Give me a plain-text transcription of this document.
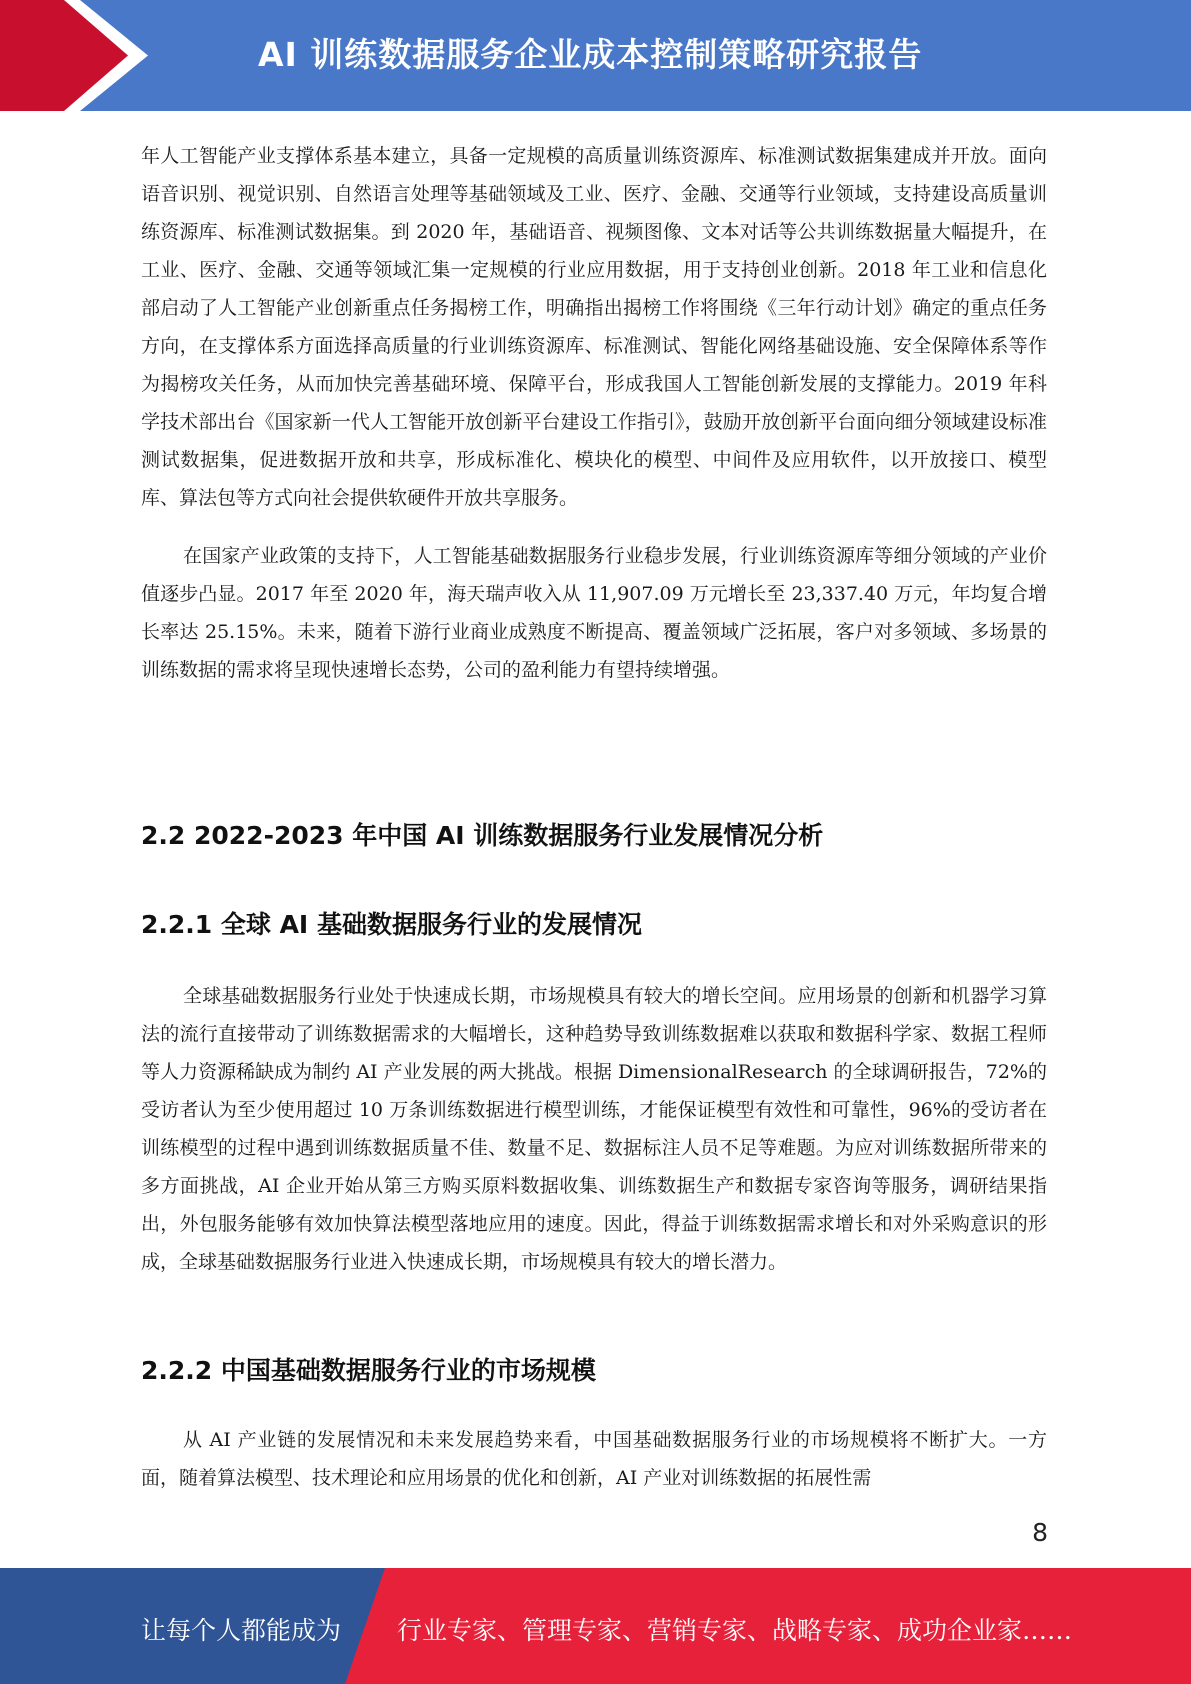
AI 训练数据服务企业成本控制策略研究报告

年人工智能产业支撑体系基本建立，具备一定规模的高质量训练资源库、标准测试数据集建成并开放。面向语音识别、视觉识别、自然语言处理等基础领域及工业、医疗、金融、交通等行业领域，支持建设高质量训练资源库、标准测试数据集。到 2020 年，基础语音、视频图像、文本对话等公共训练数据量大幅提升，在工业、医疗、金融、交通等领域汇集一定规模的行业应用数据，用于支持创业创新。2018 年工业和信息化部启动了人工智能产业创新重点任务揭榜工作，明确指出揭榜工作将围绕《三年行动计划》确定的重点任务方向，在支撑体系方面选择高质量的行业训练资源库、标准测试、智能化网络基础设施、安全保障体系等作为揭榜攻关任务，从而加快完善基础环境、保障平台，形成我国人工智能创新发展的支撑能力。2019 年科学技术部出台《国家新一代人工智能开放创新平台建设工作指引》，鼓励开放创新平台面向细分领域建设标准测试数据集，促进数据开放和共享，形成标准化、模块化的模型、中间件及应用软件，以开放接口、模型库、算法包等方式向社会提供软硬件开放共享服务。

在国家产业政策的支持下，人工智能基础数据服务行业稳步发展，行业训练资源库等细分领域的产业价值逐步凸显。2017 年至 2020 年，海天瑞声收入从 11,907.09 万元增长至 23,337.40 万元，年均复合增长率达 25.15%。未来，随着下游行业商业成熟度不断提高、覆盖领域广泛拓展，客户对多领域、多场景的训练数据的需求将呈现快速增长态势，公司的盈利能力有望持续增强。

2.2 2022-2023 年中国 AI 训练数据服务行业发展情况分析
2.2.1 全球 AI 基础数据服务行业的发展情况

全球基础数据服务行业处于快速成长期，市场规模具有较大的增长空间。应用场景的创新和机器学习算法的流行直接带动了训练数据需求的大幅增长，这种趋势导致训练数据难以获取和数据科学家、数据工程师等人力资源稀缺成为制约 AI 产业发展的两大挑战。根据 DimensionalResearch 的全球调研报告，72%的受访者认为至少使用超过 10 万条训练数据进行模型训练，才能保证模型有效性和可靠性，96%的受访者在训练模型的过程中遇到训练数据质量不佳、数量不足、数据标注人员不足等难题。为应对训练数据所带来的多方面挑战，AI 企业开始从第三方购买原料数据收集、训练数据生产和数据专家咨询等服务，调研结果指出，外包服务能够有效加快算法模型落地应用的速度。因此，得益于训练数据需求增长和对外采购意识的形成，全球基础数据服务行业进入快速成长期，市场规模具有较大的增长潜力。

2.2.2 中国基础数据服务行业的市场规模

从 AI 产业链的发展情况和未来发展趋势来看，中国基础数据服务行业的市场规模将不断扩大。一方面，随着算法模型、技术理论和应用场景的优化和创新，AI 产业对训练数据的拓展性需

8
让每个人都能成为 行业专家、管理专家、营销专家、战略专家、成功企业家……
